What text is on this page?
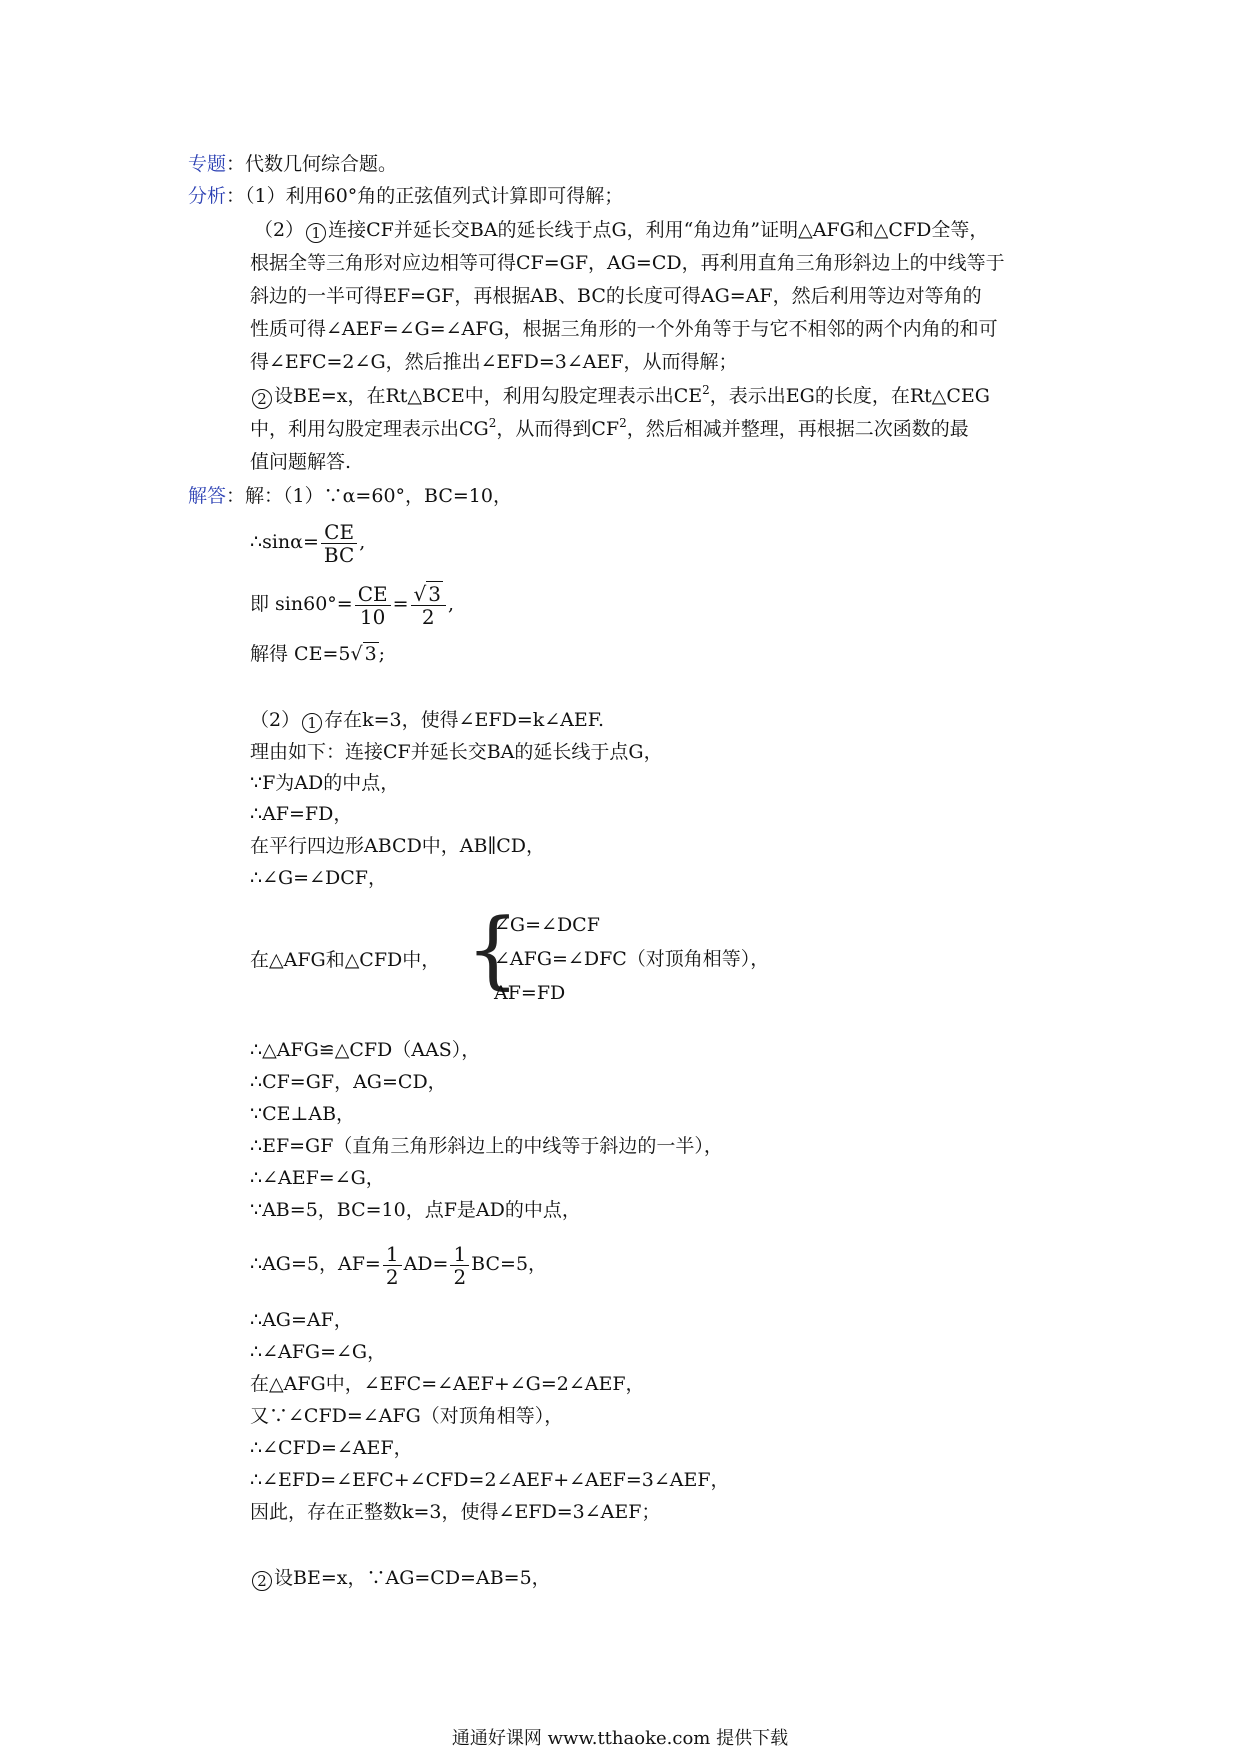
专题：代数几何综合题。
分析：（1）利用60°角的正弦值列式计算即可得解；
（2） 1 连接CF并延长交BA的延长线于点G，利用“角边角”证明△AFG和△CFD全等，
根据全等三角形对应边相等可得CF=GF，AG=CD，再利用直角三角形斜边上的中线等于
斜边的一半可得EF=GF，再根据AB、BC的长度可得AG=AF，然后利用等边对等角的
性质可得∠AEF=∠G=∠AFG，根据三角形的一个外角等于与它不相邻的两个内角的和可
得∠EFC=2∠G，然后推出∠EFD=3∠AEF，从而得解；
2 设BE=x，在Rt△BCE中，利用勾股定理表示出$CE^2$，表示出EG的长度，在Rt△CEG
中，利用勾股定理表示出$CG^2$，从而得到$CF^2$，然后相减并整理，再根据二次函数的最
值问题解答.
解答：解：（1）∵α=60°，BC=10，
∴sinα= $\frac{CE}{BC}$ ,
即 $\sin 60^\circ= \frac{CE}{10} = \frac{√ 3}{2}$ ,
解得 CE=5√ 3 ;
（2） 1 存在k=3，使得∠EFD=k∠AEF.
理由如下：连接CF并延长交BA的延长线于点G，
∵F为AD的中点，
∴AF=FD，
在平行四边形ABCD中，AB∥CD，
∴∠G=∠DCF，
在△AFG和△CFD中， {
∠G=∠DCF
∠AFG=∠DFC（对顶角相等），
AF=FD
∴△AFG≌△CFD（AAS），
∴CF=GF，AG=CD，
∵CE⊥AB，
∴EF=GF（直角三角形斜边上的中线等于斜边的一半），
∴∠AEF=∠G，
∵AB=5，BC=10，点F是AD的中点，
∴AG=5，$AF= \frac{1}{2} AD= \frac{1}{2} BC=5$，
∴AG=AF，
∴∠AFG=∠G，
在△AFG中，∠EFC=∠AEF+∠G=2∠AEF，
又∵∠CFD=∠AFG（对顶角相等），
∴∠CFD=∠AEF，
∴∠EFD=∠EFC+∠CFD=2∠AEF+∠AEF=3∠AEF，
因此，存在正整数k=3，使得∠EFD=3∠AEF；
2 设BE=x，∵AG=CD=AB=5，
通通好课网 www.tthaoke.com 提供下载
